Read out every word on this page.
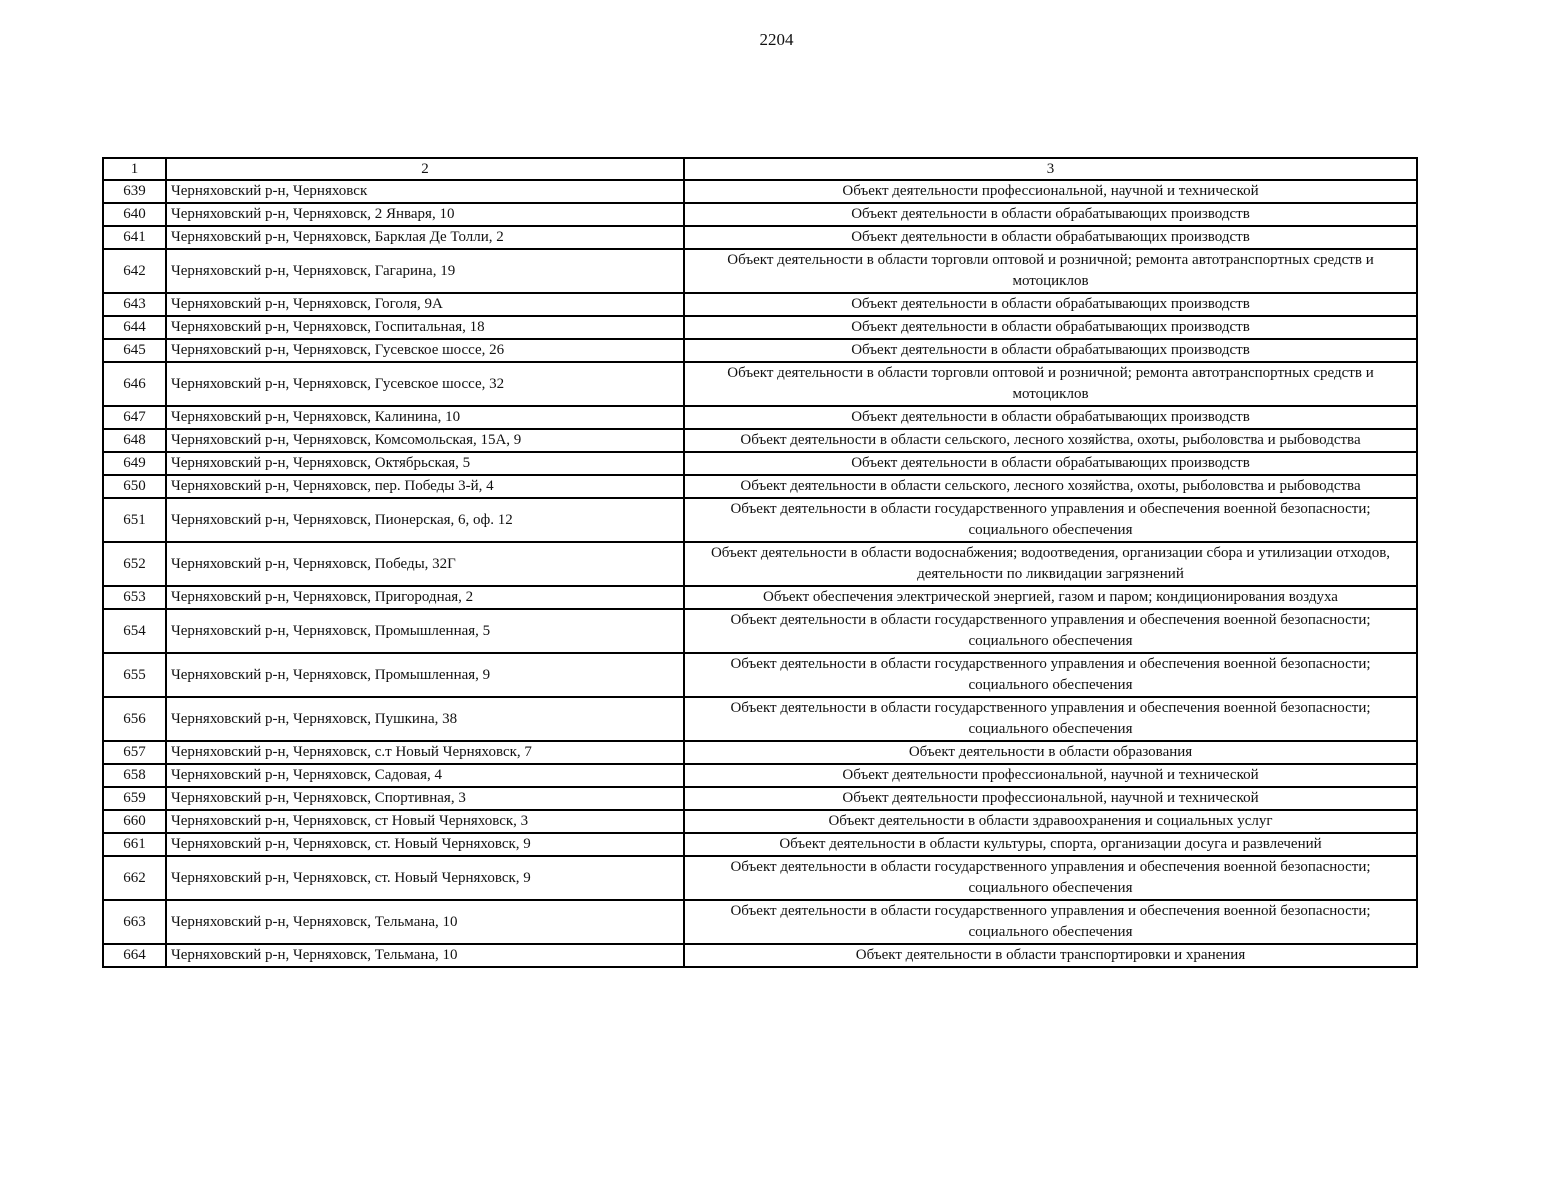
2204
1	2	3
639	Черняховский р-н, Черняховск	Объект деятельности профессиональной, научной и технической
640	Черняховский р-н, Черняховск, 2 Января, 10	Объект деятельности в области обрабатывающих производств
641	Черняховский р-н, Черняховск, Барклая Де Толли, 2	Объект деятельности в области обрабатывающих производств
642	Черняховский р-н, Черняховск, Гагарина, 19	Объект деятельности в области торговли оптовой и розничной; ремонта автотранспортных средств и мотоциклов
643	Черняховский р-н, Черняховск, Гоголя, 9А	Объект деятельности в области обрабатывающих производств
644	Черняховский р-н, Черняховск, Госпитальная, 18	Объект деятельности в области обрабатывающих производств
645	Черняховский р-н, Черняховск, Гусевское шоссе, 26	Объект деятельности в области обрабатывающих производств
646	Черняховский р-н, Черняховск, Гусевское шоссе, 32	Объект деятельности в области торговли оптовой и розничной; ремонта автотранспортных средств и мотоциклов
647	Черняховский р-н, Черняховск, Калинина, 10	Объект деятельности в области обрабатывающих производств
648	Черняховский р-н, Черняховск, Комсомольская, 15А, 9	Объект деятельности в области сельского, лесного хозяйства, охоты, рыболовства и рыбоводства
649	Черняховский р-н, Черняховск, Октябрьская, 5	Объект деятельности в области обрабатывающих производств
650	Черняховский р-н, Черняховск, пер. Победы 3-й, 4	Объект деятельности в области сельского, лесного хозяйства, охоты, рыболовства и рыбоводства
651	Черняховский р-н, Черняховск, Пионерская, 6, оф. 12	Объект деятельности в области государственного управления и обеспечения военной безопасности; социального обеспечения
652	Черняховский р-н, Черняховск, Победы, 32Г	Объект деятельности в области водоснабжения; водоотведения, организации сбора и утилизации отходов, деятельности по ликвидации загрязнений
653	Черняховский р-н, Черняховск, Пригородная, 2	Объект обеспечения электрической энергией, газом и паром; кондиционирования воздуха
654	Черняховский р-н, Черняховск, Промышленная, 5	Объект деятельности в области государственного управления и обеспечения военной безопасности; социального обеспечения
655	Черняховский р-н, Черняховск, Промышленная, 9	Объект деятельности в области государственного управления и обеспечения военной безопасности; социального обеспечения
656	Черняховский р-н, Черняховск, Пушкина, 38	Объект деятельности в области государственного управления и обеспечения военной безопасности; социального обеспечения
657	Черняховский р-н, Черняховск, с.т Новый Черняховск, 7	Объект деятельности в области образования
658	Черняховский р-н, Черняховск, Садовая, 4	Объект деятельности профессиональной, научной и технической
659	Черняховский р-н, Черняховск, Спортивная, 3	Объект деятельности профессиональной, научной и технической
660	Черняховский р-н, Черняховск, ст Новый Черняховск, 3	Объект деятельности в области здравоохранения и социальных услуг
661	Черняховский р-н, Черняховск, ст. Новый Черняховск, 9	Объект деятельности в области культуры, спорта, организации досуга и развлечений
662	Черняховский р-н, Черняховск, ст. Новый Черняховск, 9	Объект деятельности в области государственного управления и обеспечения военной безопасности; социального обеспечения
663	Черняховский р-н, Черняховск, Тельмана, 10	Объект деятельности в области государственного управления и обеспечения военной безопасности; социального обеспечения
664	Черняховский р-н, Черняховск, Тельмана, 10	Объект деятельности в области транспортировки и хранения
